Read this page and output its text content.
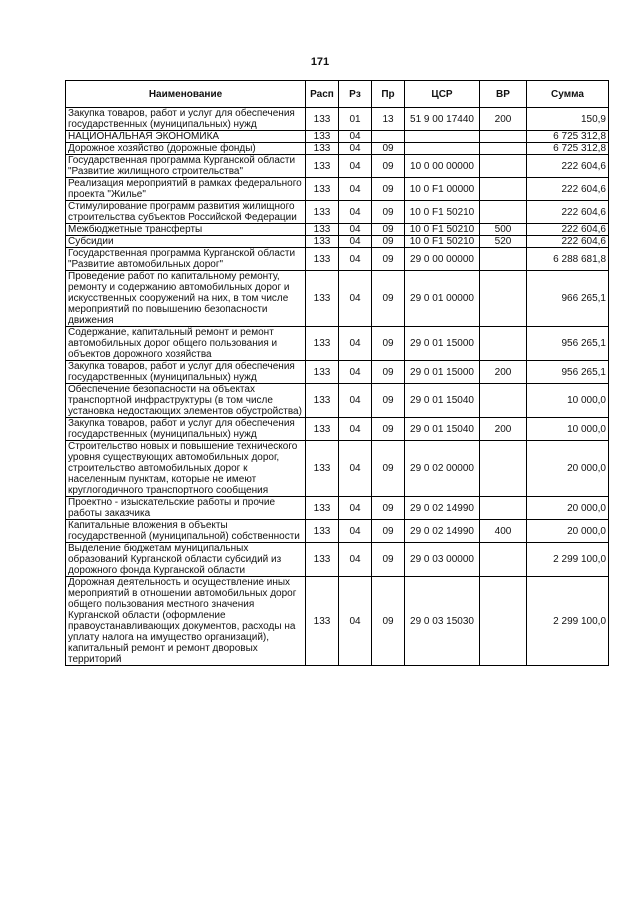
171
Наименование	Расп	Рз	Пр	ЦСР	ВР	Сумма
Закупка товаров, работ и услуг для обеспечения государственных (муниципальных) нужд	133	01	13	51 9 00 17440	200	150,9
НАЦИОНАЛЬНАЯ ЭКОНОМИКА	133	04				6 725 312,8
Дорожное хозяйство (дорожные фонды)	133	04	09			6 725 312,8
Государственная программа Курганской области "Развитие жилищного строительства"	133	04	09	10 0 00 00000		222 604,6
Реализация мероприятий в рамках федерального проекта "Жилье"	133	04	09	10 0 F1 00000		222 604,6
Стимулирование программ развития жилищного строительства субъектов Российской Федерации	133	04	09	10 0 F1 50210		222 604,6
Межбюджетные трансферты	133	04	09	10 0 F1 50210	500	222 604,6
Субсидии	133	04	09	10 0 F1 50210	520	222 604,6
Государственная программа Курганской области "Развитие автомобильных дорог"	133	04	09	29 0 00 00000		6 288 681,8
Проведение работ по капитальному ремонту, ремонту и содержанию автомобильных дорог и искусственных сооружений на них, в том числе мероприятий по повышению безопасности движения	133	04	09	29 0 01 00000		966 265,1
Содержание, капитальный ремонт и ремонт автомобильных дорог общего пользования и объектов дорожного хозяйства	133	04	09	29 0 01 15000		956 265,1
Закупка товаров, работ и услуг для обеспечения государственных (муниципальных) нужд	133	04	09	29 0 01 15000	200	956 265,1
Обеспечение безопасности на объектах транспортной инфраструктуры (в том числе установка недостающих элементов обустройства)	133	04	09	29 0 01 15040		10 000,0
Закупка товаров, работ и услуг для обеспечения государственных (муниципальных) нужд	133	04	09	29 0 01 15040	200	10 000,0
Строительство новых и повышение технического уровня существующих автомобильных дорог, строительство автомобильных дорог к населенным пунктам, которые не имеют круглогодичного транспортного сообщения	133	04	09	29 0 02 00000		20 000,0
Проектно - изыскательские работы и прочие работы заказчика	133	04	09	29 0 02 14990		20 000,0
Капитальные вложения в объекты государственной (муниципальной) собственности	133	04	09	29 0 02 14990	400	20 000,0
Выделение бюджетам муниципальных образований Курганской области субсидий из дорожного фонда Курганской области	133	04	09	29 0 03 00000		2 299 100,0
Дорожная деятельность и осуществление иных мероприятий в отношении автомобильных дорог общего пользования местного значения Курганской области (оформление правоустанавливающих документов, расходы на уплату налога на имущество организаций), капитальный ремонт и ремонт дворовых территорий	133	04	09	29 0 03 15030		2 299 100,0
